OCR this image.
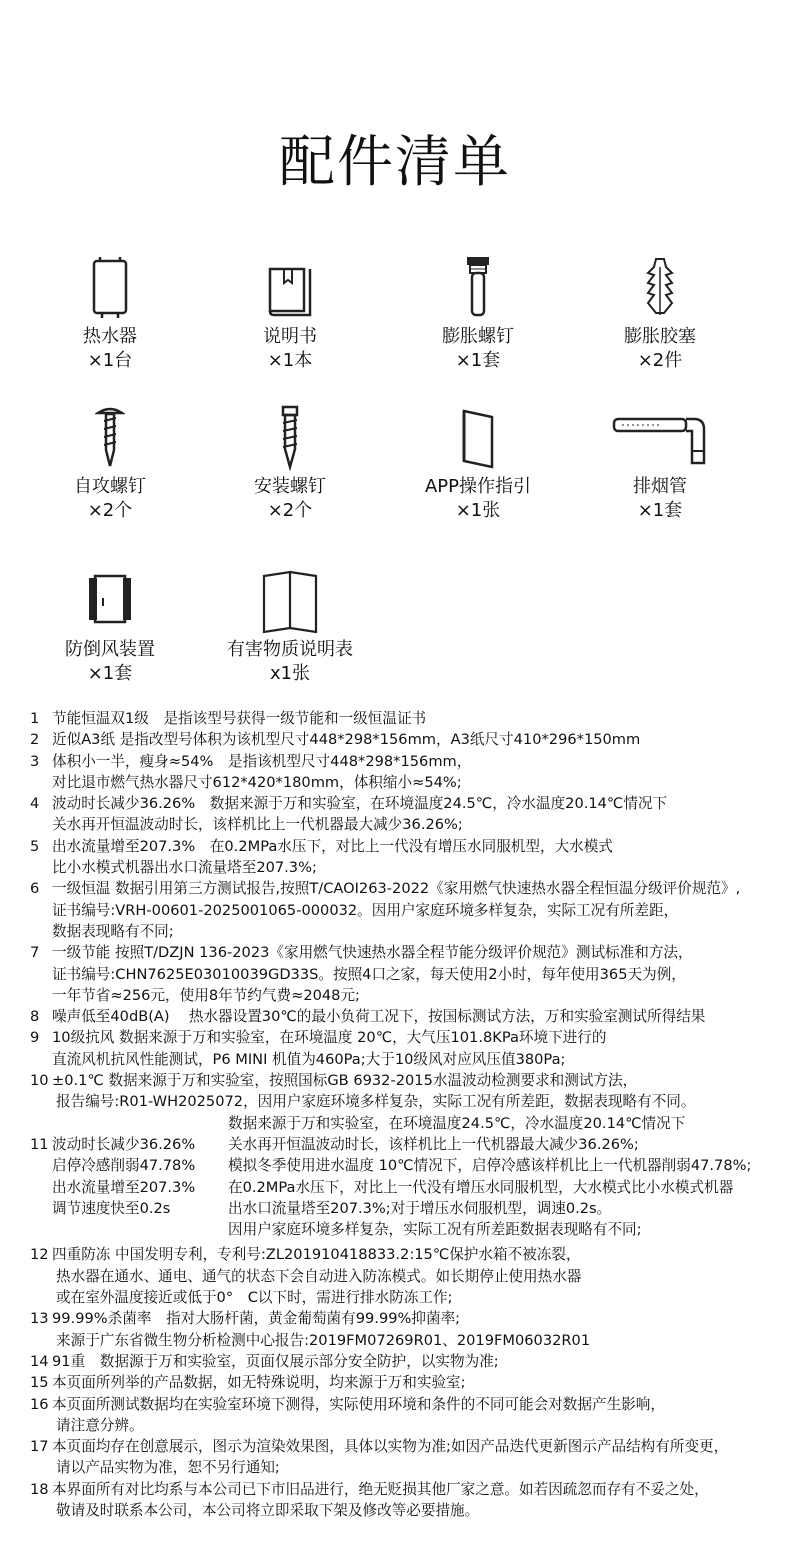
配件清单
热水器
×1台
说明书
×1本
膨胀螺钉
×1套
膨胀胶塞
×2件
自攻螺钉
×2个
安装螺钉
×2个
APP操作指引
×1张
排烟管
×1套
防倒风装置
×1套
有害物质说明表
x1张
1 节能恒温双1级　是指该型号获得一级节能和一级恒温证书
2 近似A3纸 是指改型号体积为该机型尺寸448*298*156mm，A3纸尺寸410*296*150mm
3 体积小一半，瘦身≈54%　是指该机型尺寸448*298*156mm，
对比退市燃气热水器尺寸612*420*180mm，体积缩小≈54%;
4 波动时长减少36.26%　数据来源于万和实验室，在环境温度24.5℃，冷水温度20.14℃情况下
关水再开恒温波动时长，该样机比上一代机器最大减少36.26%;
5 出水流量增至207.3%　在0.2MPa水压下，对比上一代没有增压水同服机型，大水模式
比小水模式机器出水口流量塔至207.3%;
6 一级恒温 数据引用第三方测试报告,按照T/CAOI263-2022《家用燃气快速热水器全程恒温分级评价规范》,
证书编号:VRH-00601-2025001065-000032。因用户家庭环境多样复杂，实际工况有所差距，
数据表现略有不同;
7 一级节能 按照T/DZJN 136-2023《家用燃气快速热水器全程节能分级评价规范》测试标准和方法，
证书编号:CHN7625E03010039GD33S。按照4口之家，每天使用2小时，每年使用365天为例，
一年节省≈256元，使用8年节约气费≈2048元;
8 噪声低至40dB(A)　 热水器设置30℃的最小负荷工况下，按国标测试方法，万和实验室测试所得结果
9 10级抗风 数据来源于万和实验室，在环境温度 20℃，大气压101.8KPa环境下进行的
直流风机抗风性能测试，P6 MINI 机值为460Pa;大于10级风对应风压值380Pa;
10 ±0.1℃ 数据来源于万和实验室，按照国标GB 6932-2015水温波动检测要求和测试方法，
报告编号:R01-WH2025072，因用户家庭环境多样复杂，实际工况有所差距，数据表现略有不同。
11 波动时长减少36.26%
启停冷感削弱47.78%
出水流量增至207.3%
调节速度快至0.2s
数据来源于万和实验室，在环境温度24.5℃，冷水温度20.14℃情况下
关水再开恒温波动时长，该样机比上一代机器最大减少36.26%;
模拟冬季使用进水温度 10℃情况下，启停冷感该样机比上一代机器削弱47.78%;
在0.2MPa水压下，对比上一代没有增压水同服机型，大水模式比小水模式机器
出水口流量塔至207.3%;对于增压水伺服机型，调速0.2s。
因用户家庭环境多样复杂，实际工况有所差距数据表现略有不同;
12 四重防冻 中国发明专利，专利号:ZL201910418833.2:15℃保护水箱不被冻裂，
热水器在通水、通电、通气的状态下会自动进入防冻模式。如长期停止使用热水器
或在室外温度接近或低于0°　C以下时，需进行排水防冻工作;
13 99.99%杀菌率　指对大肠杆菌，黄金葡萄菌有99.99%抑菌率;
来源于广东省微生物分析检测中心报告:2019FM07269R01、2019FM06032R01
14 91重　数据源于万和实验室，页面仅展示部分安全防护，以实物为准;
15 本页面所列举的产品数据，如无特殊说明，均来源于万和实验室;
16 本页面所测试数据均在实验室环境下测得，实际使用环境和条件的不同可能会对数据产生影响，
请注意分辨。
17 本页面均存在创意展示，图示为渲染效果图，具体以实物为准;如因产品迭代更新图示产品结构有所变更，
请以产品实物为准，恕不另行通知;
18 本界面所有对比均系与本公司已下市旧品进行，绝无贬损其他厂家之意。如若因疏忽而存有不妥之处，
敬请及时联系本公司，本公司将立即采取下架及修改等必要措施。
